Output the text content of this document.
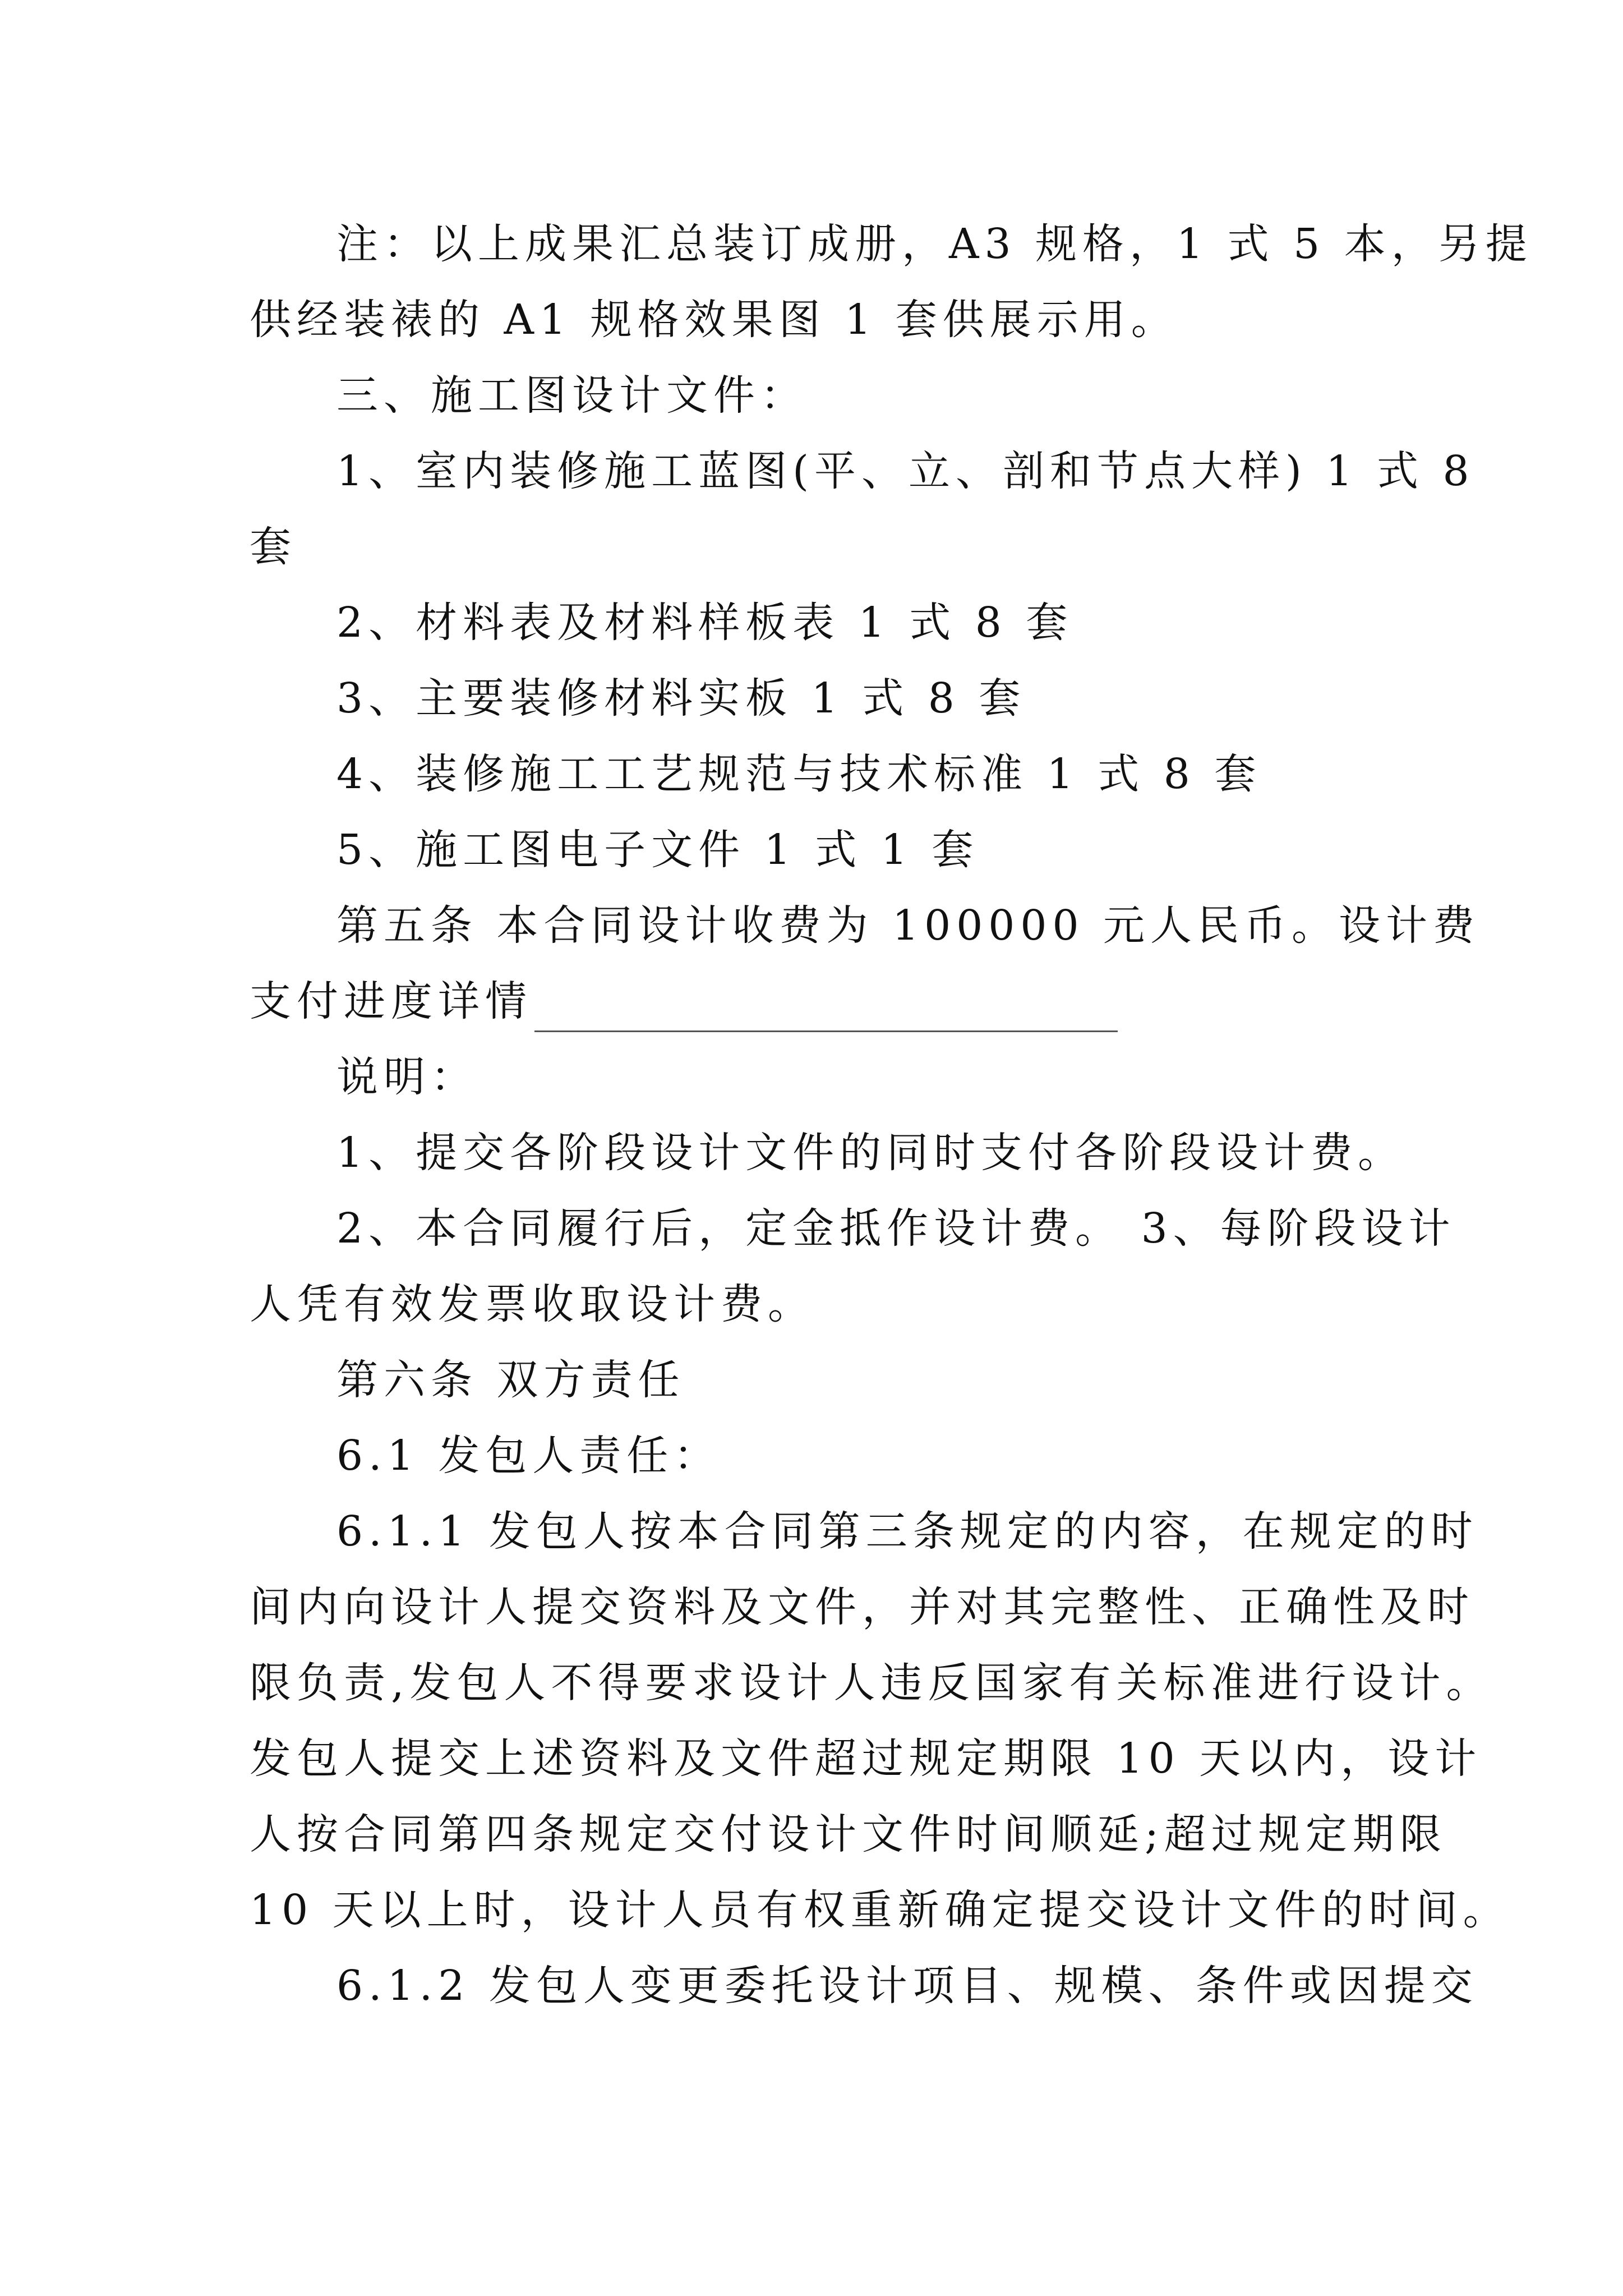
注：以上成果汇总装订成册，A3 规格，1 式 5 本，另提
供经装裱的 A1 规格效果图 1 套供展示用。
三、施工图设计文件：
1、室内装修施工蓝图(平、立、剖和节点大样) 1 式 8
套
2、材料表及材料样板表 1 式 8 套
3、主要装修材料实板 1 式 8 套
4、装修施工工艺规范与技术标准 1 式 8 套
5、施工图电子文件 1 式 1 套
第五条 本合同设计收费为 100000 元人民币。设计费
支付进度详情
说明：
1、提交各阶段设计文件的同时支付各阶段设计费。
2、本合同履行后，定金抵作设计费。 3、每阶段设计
人凭有效发票收取设计费。
第六条 双方责任
6.1 发包人责任：
6.1.1 发包人按本合同第三条规定的内容，在规定的时
间内向设计人提交资料及文件，并对其完整性、正确性及时
限负责,发包人不得要求设计人违反国家有关标准进行设计。
发包人提交上述资料及文件超过规定期限 10 天以内，设计
人按合同第四条规定交付设计文件时间顺延;超过规定期限
10 天以上时，设计人员有权重新确定提交设计文件的时间。
6.1.2 发包人变更委托设计项目、规模、条件或因提交
